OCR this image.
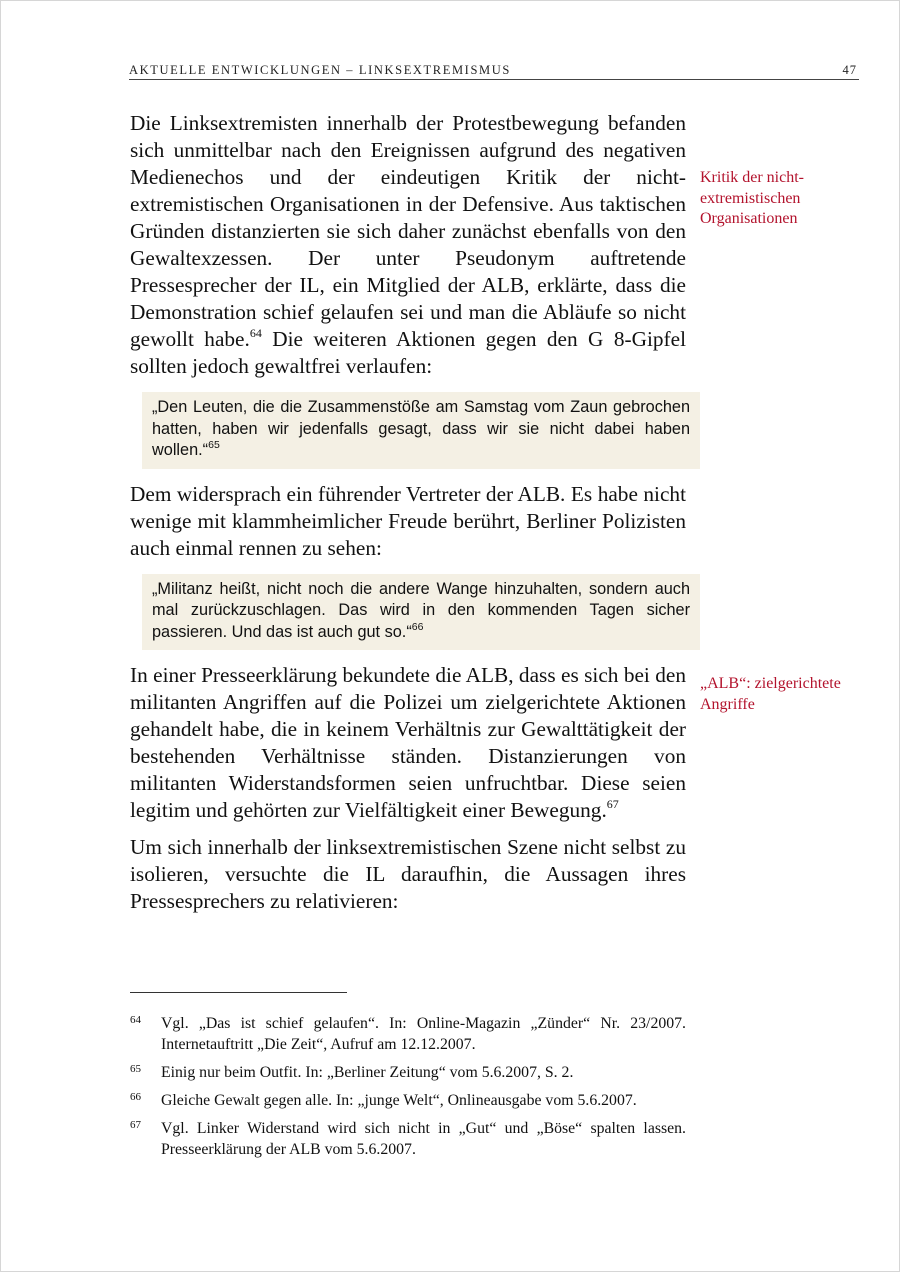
AKTUELLE ENTWICKLUNGEN – LINKSEXTREMISMUS	47
Kritik der nicht-extremistischen Organisationen
„ALB“: zielgerichtete Angriffe

Die Linksextremisten innerhalb der Protestbewegung befanden sich unmittelbar nach den Ereignissen aufgrund des negativen Medienechos und der eindeutigen Kritik der nichtextremistischen Organisationen in der Defensive. Aus taktischen Gründen distanzierten sie sich daher zunächst ebenfalls von den Gewaltexzessen. Der unter Pseudonym auftretende Pressesprecher der IL, ein Mitglied der ALB, erklärte, dass die Demonstration schief gelaufen sei und man die Abläufe so nicht gewollt habe.$^{64}$ Die weiteren Aktionen gegen den G 8-Gipfel sollten jedoch gewaltfrei verlaufen:

„Den Leuten, die die Zusammenstöße am Samstag vom Zaun gebrochen hatten, haben wir jedenfalls gesagt, dass wir sie nicht dabei haben wollen.“$^{65}$

Dem widersprach ein führender Vertreter der ALB. Es habe nicht wenige mit klammheimlicher Freude berührt, Berliner Polizisten auch einmal rennen zu sehen:

„Militanz heißt, nicht noch die andere Wange hinzuhalten, sondern auch mal zurückzuschlagen. Das wird in den kommenden Tagen sicher passieren. Und das ist auch gut so.“$^{66}$

In einer Presseerklärung bekundete die ALB, dass es sich bei den militanten Angriffen auf die Polizei um zielgerichtete Aktionen gehandelt habe, die in keinem Verhältnis zur Gewalttätigkeit der bestehenden Verhältnisse ständen. Distanzierungen von militanten Widerstandsformen seien unfruchtbar. Diese seien legitim und gehörten zur Vielfältigkeit einer Bewegung.$^{67}$

Um sich innerhalb der linksextremistischen Szene nicht selbst zu isolieren, versuchte die IL daraufhin, die Aussagen ihres Pressesprechers zu relativieren:

64	Vgl. „Das ist schief gelaufen“. In: Online-Magazin „Zünder“ Nr. 23/2007. Internetauftritt „Die Zeit“, Aufruf am 12.12.2007.
65	Einig nur beim Outfit. In: „Berliner Zeitung“ vom 5.6.2007, S. 2.
66	Gleiche Gewalt gegen alle. In: „junge Welt“, Onlineausgabe vom 5.6.2007.
67	Vgl. Linker Widerstand wird sich nicht in „Gut“ und „Böse“ spalten lassen. Presseerklärung der ALB vom 5.6.2007.
